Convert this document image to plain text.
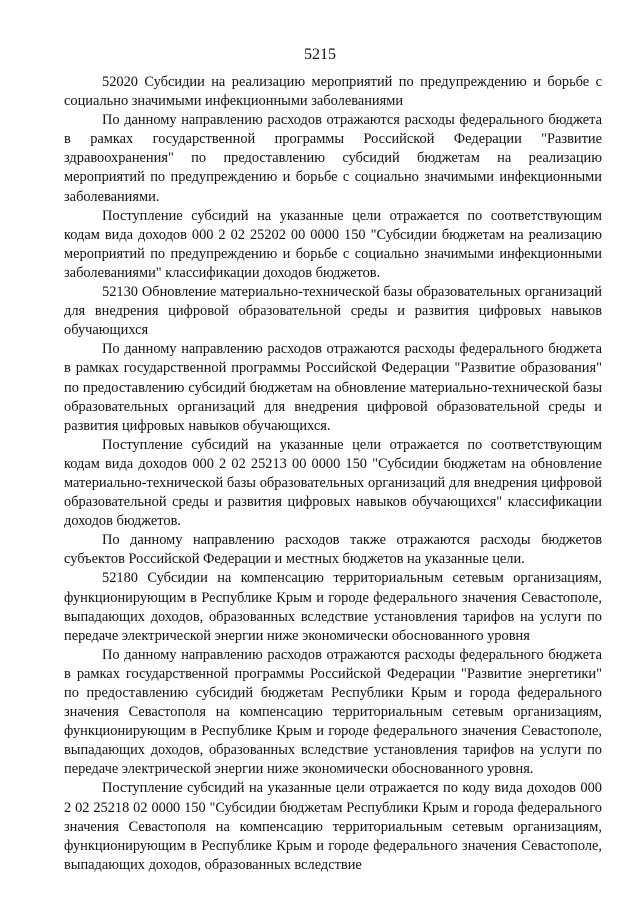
5215

52020 Субсидии на реализацию мероприятий по предупреждению и борьбе с социально значимыми инфекционными заболеваниями

По данному направлению расходов отражаются расходы федерального бюджета в рамках государственной программы Российской Федерации "Развитие здравоохранения" по предоставлению субсидий бюджетам на реализацию мероприятий по предупреждению и борьбе с социально значимыми инфекционными заболеваниями.

Поступление субсидий на указанные цели отражается по соответствующим кодам вида доходов 000 2 02 25202 00 0000 150 "Субсидии бюджетам на реализацию мероприятий по предупреждению и борьбе с социально значимыми инфекционными заболеваниями" классификации доходов бюджетов.

52130 Обновление материально-технической базы образовательных организаций для внедрения цифровой образовательной среды и развития цифровых навыков обучающихся

По данному направлению расходов отражаются расходы федерального бюджета в рамках государственной программы Российской Федерации "Развитие образования" по предоставлению субсидий бюджетам на обновление материально-технической базы образовательных организаций для внедрения цифровой образовательной среды и развития цифровых навыков обучающихся.

Поступление субсидий на указанные цели отражается по соответствующим кодам вида доходов 000 2 02 25213 00 0000 150 "Субсидии бюджетам на обновление материально-технической базы образовательных организаций для внедрения цифровой образовательной среды и развития цифровых навыков обучающихся" классификации доходов бюджетов.

По данному направлению расходов также отражаются расходы бюджетов субъектов Российской Федерации и местных бюджетов на указанные цели.

52180 Субсидии на компенсацию территориальным сетевым организациям, функционирующим в Республике Крым и городе федерального значения Севастополе, выпадающих доходов, образованных вследствие установления тарифов на услуги по передаче электрической энергии ниже экономически обоснованного уровня

По данному направлению расходов отражаются расходы федерального бюджета в рамках государственной программы Российской Федерации "Развитие энергетики" по предоставлению субсидий бюджетам Республики Крым и города федерального значения Севастополя на компенсацию территориальным сетевым организациям, функционирующим в Республике Крым и городе федерального значения Севастополе, выпадающих доходов, образованных вследствие установления тарифов на услуги по передаче электрической энергии ниже экономически обоснованного уровня.

Поступление субсидий на указанные цели отражается по коду вида доходов 000 2 02 25218 02 0000 150 "Субсидии бюджетам Республики Крым и города федерального значения Севастополя на компенсацию территориальным сетевым организациям, функционирующим в Республике Крым и городе федерального значения Севастополе, выпадающих доходов, образованных вследствие
